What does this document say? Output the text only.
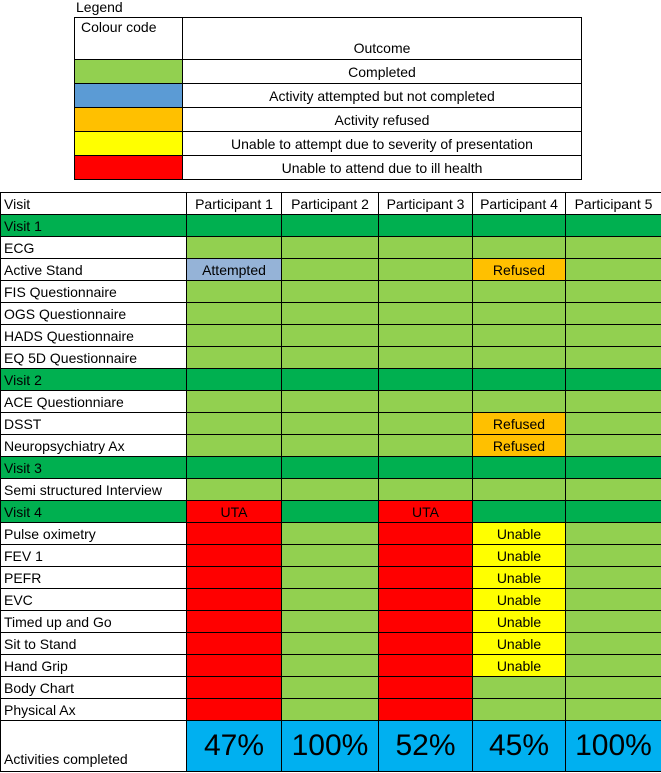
Legend
Colour code	Outcome
	Completed
	Activity attempted but not completed
	Activity refused
	Unable to attempt due to severity of presentation
	Unable to attend due to ill health
Visit	Participant 1	Participant 2	Participant 3	Participant 4	Participant 5
Visit 1					
ECG					
Active Stand	Attempted			Refused	
FIS Questionnaire					
OGS Questionnaire					
HADS Questionnaire					
EQ 5D Questionnaire					
Visit 2					
ACE Questionniare					
DSST				Refused	
Neuropsychiatry Ax				Refused	
Visit 3					
Semi structured Interview					
Visit 4	UTA		UTA		
Pulse oximetry				Unable	
FEV 1				Unable	
PEFR				Unable	
EVC				Unable	
Timed up and Go				Unable	
Sit to Stand				Unable	
Hand Grip				Unable	
Body Chart					
Physical Ax					
Activities completed	47%	100%	52%	45%	100%
